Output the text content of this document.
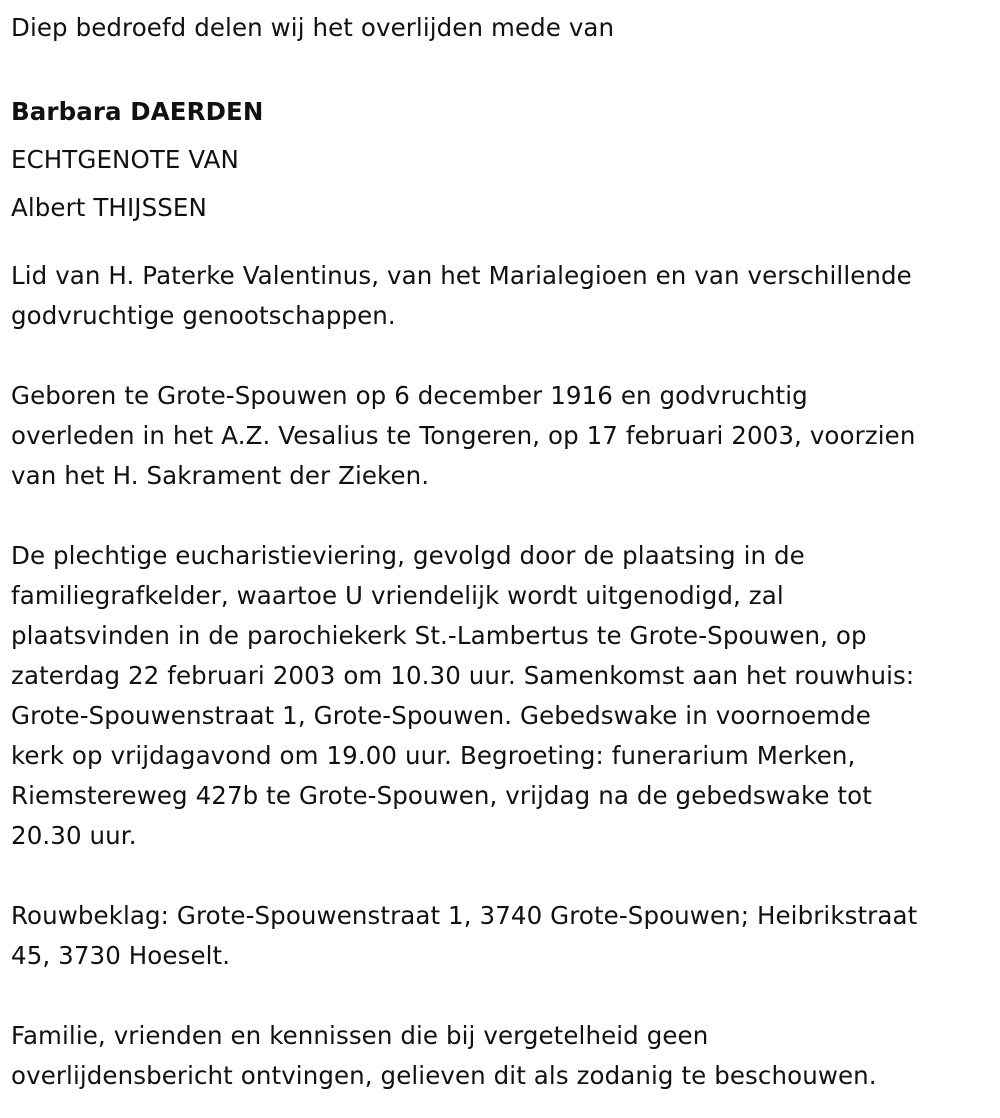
Diep bedroefd delen wij het overlijden mede van
Barbara DAERDEN
ECHTGENOTE VAN
Albert THIJSSEN
Lid van H. Paterke Valentinus, van het Marialegioen en van verschillende
godvruchtige genootschappen.
Geboren te Grote-Spouwen op 6 december 1916 en godvruchtig
overleden in het A.Z. Vesalius te Tongeren, op 17 februari 2003, voorzien
van het H. Sakrament der Zieken.
De plechtige eucharistieviering, gevolgd door de plaatsing in de
familiegrafkelder, waartoe U vriendelijk wordt uitgenodigd, zal
plaatsvinden in de parochiekerk St.-Lambertus te Grote-Spouwen, op
zaterdag 22 februari 2003 om 10.30 uur. Samenkomst aan het rouwhuis:
Grote-Spouwenstraat 1, Grote-Spouwen. Gebedswake in voornoemde
kerk op vrijdagavond om 19.00 uur. Begroeting: funerarium Merken,
Riemstereweg 427b te Grote-Spouwen, vrijdag na de gebedswake tot
20.30 uur.
Rouwbeklag: Grote-Spouwenstraat 1, 3740 Grote-Spouwen; Heibrikstraat
45, 3730 Hoeselt.
Familie, vrienden en kennissen die bij vergetelheid geen
overlijdensbericht ontvingen, gelieven dit als zodanig te beschouwen.
